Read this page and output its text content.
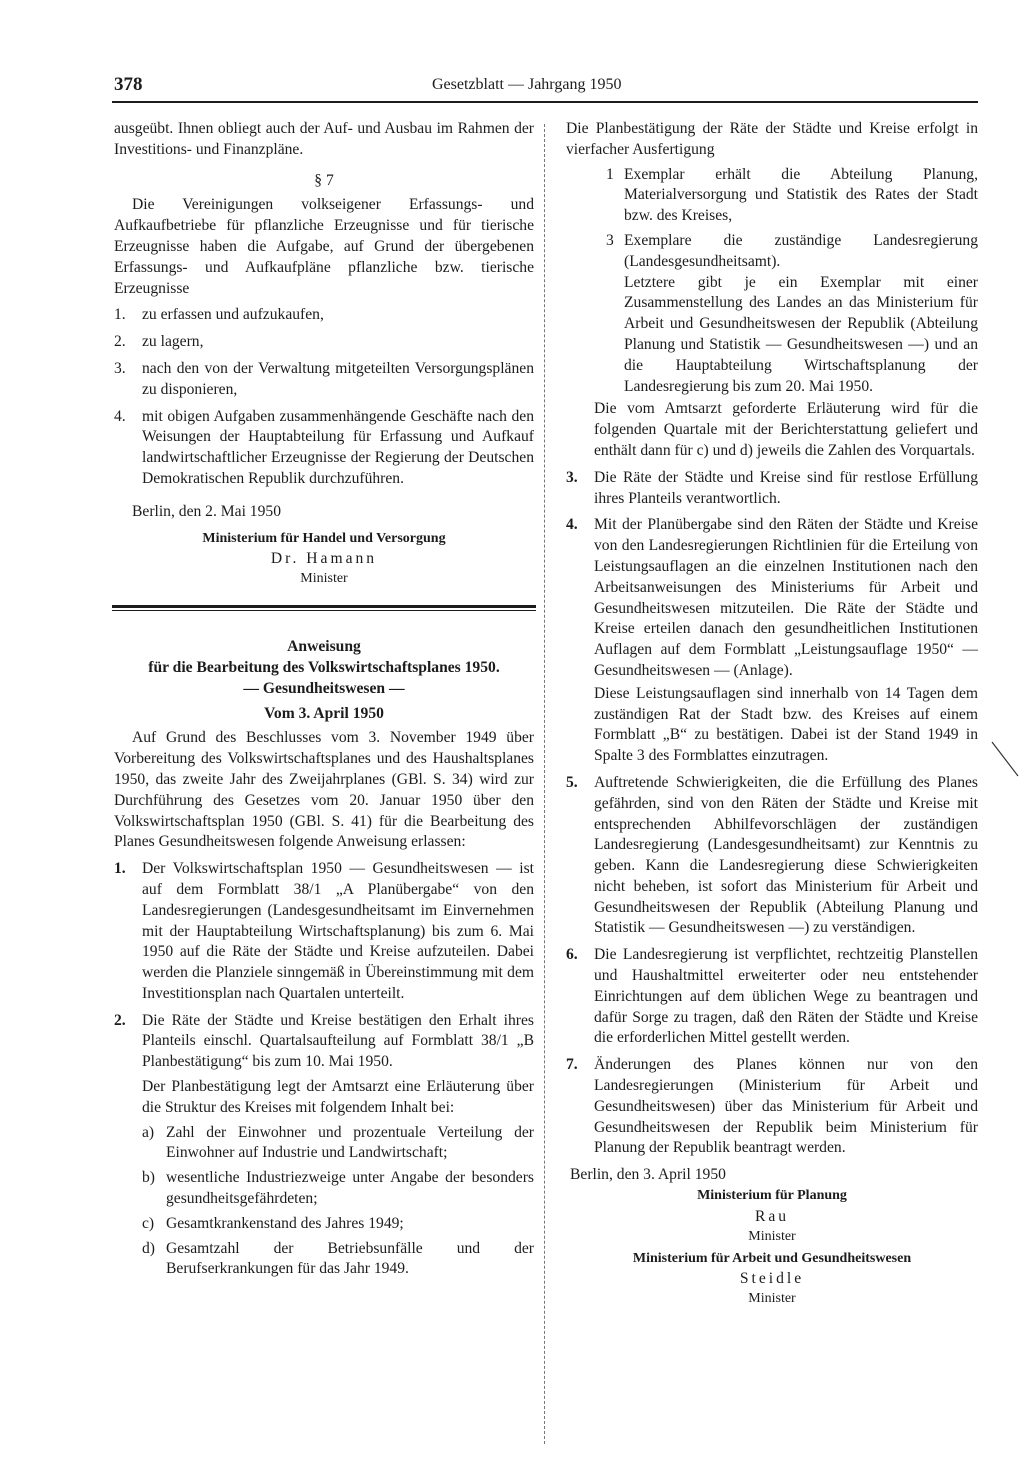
378	Gesetzblatt — Jahrgang 1950

ausgeübt. Ihnen obliegt auch der Auf- und Ausbau im Rahmen der Investitions- und Finanzpläne.

§ 7

Die Vereinigungen volkseigener Erfassungs- und Aufkaufbetriebe für pflanzliche Erzeugnisse und für tierische Erzeugnisse haben die Aufgabe, auf Grund der übergebenen Erfassungs- und Aufkaufpläne pflanzliche bzw. tierische Erzeugnisse

1.	zu erfassen und aufzukaufen,
2.	zu lagern,
3.	nach den von der Verwaltung mitgeteilten Versorgungsplänen zu disponieren,
4.	mit obigen Aufgaben zusammenhängende Geschäfte nach den Weisungen der Hauptabteilung für Erfassung und Aufkauf landwirtschaftlicher Erzeugnisse der Regierung der Deutschen Demokratischen Republik durchzuführen.

Berlin, den 2. Mai 1950

Ministerium für Handel und Versorgung

Dr. Hamann

Minister

Anweisung

für die Bearbeitung des Volkswirtschaftsplanes 1950.

— Gesundheitswesen —

Vom 3. April 1950

Auf Grund des Beschlusses vom 3. November 1949 über Vorbereitung des Volkswirtschaftsplanes und des Haushaltsplanes 1950, das zweite Jahr des Zweijahrplanes (GBl. S. 34) wird zur Durchführung des Gesetzes vom 20. Januar 1950 über den Volkswirtschaftsplan 1950 (GBl. S. 41) für die Bearbeitung des Planes Gesundheitswesen folgende Anweisung erlassen:

1.	Der Volkswirtschaftsplan 1950 — Gesundheitswesen — ist auf dem Formblatt 38/1 „A Planübergabe“ von den Landesregierungen (Landesgesundheitsamt im Einvernehmen mit der Hauptabteilung Wirtschaftsplanung) bis zum 6. Mai 1950 auf die Räte der Städte und Kreise aufzuteilen. Dabei werden die Planziele sinngemäß in Übereinstimmung mit dem Investitionsplan nach Quartalen unterteilt.
2.	Die Räte der Städte und Kreise bestätigen den Erhalt ihres Planteils einschl. Quartalsaufteilung auf Formblatt 38/1 „B Planbestätigung“ bis zum 10. Mai 1950.

Der Planbestätigung legt der Amtsarzt eine Erläuterung über die Struktur des Kreises mit folgendem Inhalt bei:

a) Zahl der Einwohner und prozentuale Verteilung der Einwohner auf Industrie und Landwirtschaft;
b) wesentliche Industriezweige unter Angabe der besonders gesundheitsgefährdeten;
c) Gesamtkrankenstand des Jahres 1949;
d) Gesamtzahl der Betriebsunfälle und der Berufserkrankungen für das Jahr 1949.

Die Planbestätigung der Räte der Städte und Kreise erfolgt in vierfacher Ausfertigung

1 Exemplar erhält die Abteilung Planung, Materialversorgung und Statistik des Rates der Stadt bzw. des Kreises,
3 Exemplare die zuständige Landesregierung (Landesgesundheitsamt).

Letztere gibt je ein Exemplar mit einer Zusammenstellung des Landes an das Ministerium für Arbeit und Gesundheitswesen der Republik (Abteilung Planung und Statistik — Gesundheitswesen —) und an die Hauptabteilung Wirtschaftsplanung der Landesregierung bis zum 20. Mai 1950.

Die vom Amtsarzt geforderte Erläuterung wird für die folgenden Quartale mit der Berichterstattung geliefert und enthält dann für c) und d) jeweils die Zahlen des Vorquartals.

3.	Die Räte der Städte und Kreise sind für restlose Erfüllung ihres Planteils verantwortlich.
4.	Mit der Planübergabe sind den Räten der Städte und Kreise von den Landesregierungen Richtlinien für die Erteilung von Leistungsauflagen an die einzelnen Institutionen nach den Arbeitsanweisungen des Ministeriums für Arbeit und Gesundheitswesen mitzuteilen. Die Räte der Städte und Kreise erteilen danach den gesundheitlichen Institutionen Auflagen auf dem Formblatt „Leistungsauflage 1950“ — Gesundheitswesen — (Anlage).

Diese Leistungsauflagen sind innerhalb von 14 Tagen dem zuständigen Rat der Stadt bzw. des Kreises auf einem Formblatt „B“ zu bestätigen. Dabei ist der Stand 1949 in Spalte 3 des Formblattes einzutragen.

5.	Auftretende Schwierigkeiten, die die Erfüllung des Planes gefährden, sind von den Räten der Städte und Kreise mit entsprechenden Abhilfevorschlägen der zuständigen Landesregierung (Landesgesundheitsamt) zur Kenntnis zu geben. Kann die Landesregierung diese Schwierigkeiten nicht beheben, ist sofort das Ministerium für Arbeit und Gesundheitswesen der Republik (Abteilung Planung und Statistik — Gesundheitswesen —) zu verständigen.
6.	Die Landesregierung ist verpflichtet, rechtzeitig Planstellen und Haushaltmittel erweiterter oder neu entstehender Einrichtungen auf dem üblichen Wege zu beantragen und dafür Sorge zu tragen, daß den Räten der Städte und Kreise die erforderlichen Mittel gestellt werden.
7.	Änderungen des Planes können nur von den Landesregierungen (Ministerium für Arbeit und Gesundheitswesen) über das Ministerium für Arbeit und Gesundheitswesen der Republik beim Ministerium für Planung der Republik beantragt werden.

Berlin, den 3. April 1950

Ministerium für Planung

Rau

Minister

Ministerium für Arbeit und Gesundheitswesen

Steidle

Minister
